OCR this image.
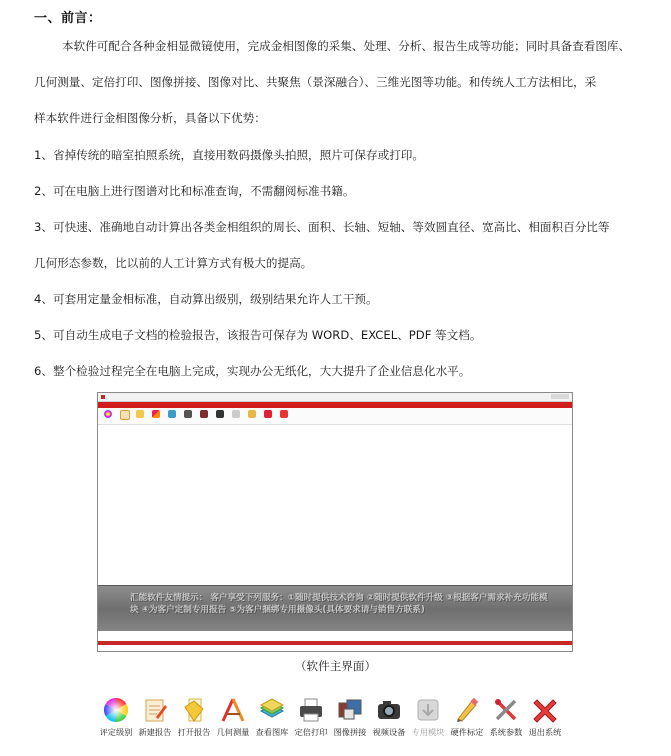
一、前言：
本软件可配合各种金相显微镜使用，完成金相图像的采集、处理、分析、报告生成等功能；同时具备查看图库、
几何测量、定倍打印、图像拼接、图像对比、共聚焦（景深融合）、三维光图等功能。和传统人工方法相比，采
样本软件进行金相图像分析，具备以下优势：
1、省掉传统的暗室拍照系统，直接用数码摄像头拍照，照片可保存或打印。
2、可在电脑上进行图谱对比和标准查询，不需翻阅标准书籍。
3、可快速、准确地自动计算出各类金相组织的周长、面积、长轴、短轴、等效圆直径、宽高比、相面积百分比等
几何形态参数，比以前的人工计算方式有极大的提高。
4、可套用定量金相标准，自动算出级别，级别结果允许人工干预。
5、可自动生成电子文档的检验报告，该报告可保存为 WORD、EXCEL、PDF 等文档。
6、整个检验过程完全在电脑上完成，实现办公无纸化，大大提升了企业信息化水平。
汇能软件友情提示： 客户享受下列服务：①随时提供技术咨询 ②随时提供软件升级 ③根据客户需求补充功能模块 ④为客户定制专用报告 ⑤为客户捆绑专用摄像头(具体要求请与销售方联系)
（软件主界面）
评定级别 新建报告 打开报告 几何测量 查看图库 定倍打印 图像拼接 视频设备 专用模块 硬件标定 系统参数 退出系统
